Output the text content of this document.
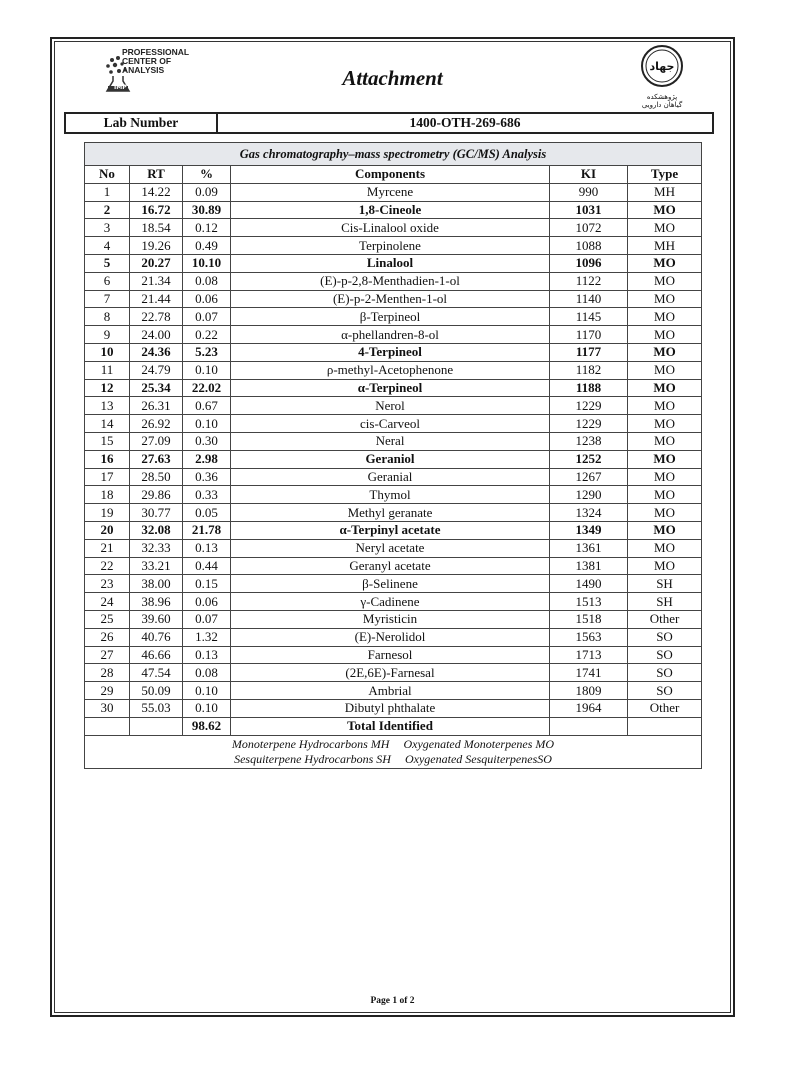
PROFESSIONAL
CENTER OF
ANALYSIS
IMP	Attachment	جهاد
پژوهشکده
گیاهان دارویی
Lab Number	1400-OTH-269-686
Gas chromatography–mass spectrometry (GC/MS) Analysis					
No	RT	%	Components	KI	Type
1	14.22	0.09	Myrcene	990	MH
2	16.72	30.89	1,8-Cineole	1031	MO
3	18.54	0.12	Cis-Linalool oxide	1072	MO
4	19.26	0.49	Terpinolene	1088	MH
5	20.27	10.10	Linalool	1096	MO
6	21.34	0.08	(E)-p-2,8-Menthadien-1-ol	1122	MO
7	21.44	0.06	(E)-p-2-Menthen-1-ol	1140	MO
8	22.78	0.07	β-Terpineol	1145	MO
9	24.00	0.22	α-phellandren-8-ol	1170	MO
10	24.36	5.23	4-Terpineol	1177	MO
11	24.79	0.10	ρ-methyl-Acetophenone	1182	MO
12	25.34	22.02	α-Terpineol	1188	MO
13	26.31	0.67	Nerol	1229	MO
14	26.92	0.10	cis-Carveol	1229	MO
15	27.09	0.30	Neral	1238	MO
16	27.63	2.98	Geraniol	1252	MO
17	28.50	0.36	Geranial	1267	MO
18	29.86	0.33	Thymol	1290	MO
19	30.77	0.05	Methyl geranate	1324	MO
20	32.08	21.78	α-Terpinyl acetate	1349	MO
21	32.33	0.13	Neryl acetate	1361	MO
22	33.21	0.44	Geranyl acetate	1381	MO
23	38.00	0.15	β-Selinene	1490	SH
24	38.96	0.06	γ-Cadinene	1513	SH
25	39.60	0.07	Myristicin	1518	Other
26	40.76	1.32	(E)-Nerolidol	1563	SO
27	46.66	0.13	Farnesol	1713	SO
28	47.54	0.08	(2E,6E)-Farnesal	1741	SO
29	50.09	0.10	Ambrial	1809	SO
30	55.03	0.10	Dibutyl phthalate	1964	Other
		98.62	Total Identified		

Monoterpene Hydrocarbons MH Oxygenated Monoterpenes MO
Sesquiterpene Hydrocarbons SH Oxygenated SesquiterpenesSO					
Page 1 of 2
